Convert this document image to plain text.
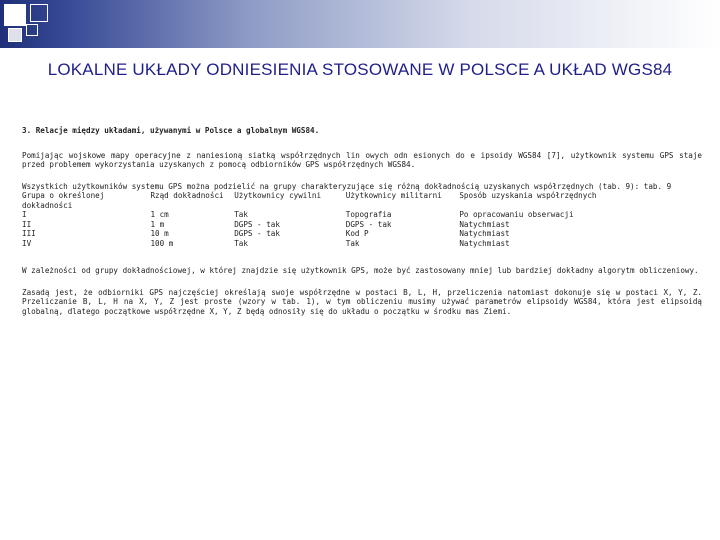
LOKALNE UKŁADY ODNIESIENIA STOSOWANE W POLSCE A UKŁAD WGS84
3. Relacje między układami, używanymi w Polsce a globalnym WGS84.
Pomijając wojskowe mapy operacyjne z naniesioną siatką współrzędnych lin owych odn esionych do e ipsoidy WGS84 [7], użytkownik systemu GPS staje przed problemem wykorzystania uzyskanych z pomocą odbiorników GPS współrzędnych WGS84.
Wszystkich użytkowników systemu GPS można podzielić na grupy charakteryzujące się różną dokładnością uzyskanych współrzędnych (tab. 9): tab. 9
Grupa o określonej dokładności	Rząd dokładności	Użytkownicy cywilni	Użytkownicy militarni	Sposób uzyskania współrzędnych
I	1 cm	Tak	Topografia	Po opracowaniu obserwacji
II	1 m	DGPS - tak	DGPS - tak	Natychmiast
III	10 m	DGPS - tak	Kod P	Natychmiast
IV	100 m	Tak	Tak	Natychmiast
W zależności od grupy dokładnościowej, w której znajdzie się użytkownik GPS, może być zastosowany mniej lub bardziej dokładny algorytm obliczeniowy.
Zasadą jest, że odbiorniki GPS najczęściej określają swoje współrzędne w postaci B, L, H, przeliczenia natomiast dokonuje się w postaci X, Y, Z. Przeliczanie B, L, H na X, Y, Z jest proste (wzory w tab. 1), w tym obliczeniu musimy używać parametrów elipsoidy WGS84, która jest elipsoidą globalną, dlatego początkowe współrzędne X, Y, Z będą odnosiły się do układu o początku w środku mas Ziemi.
